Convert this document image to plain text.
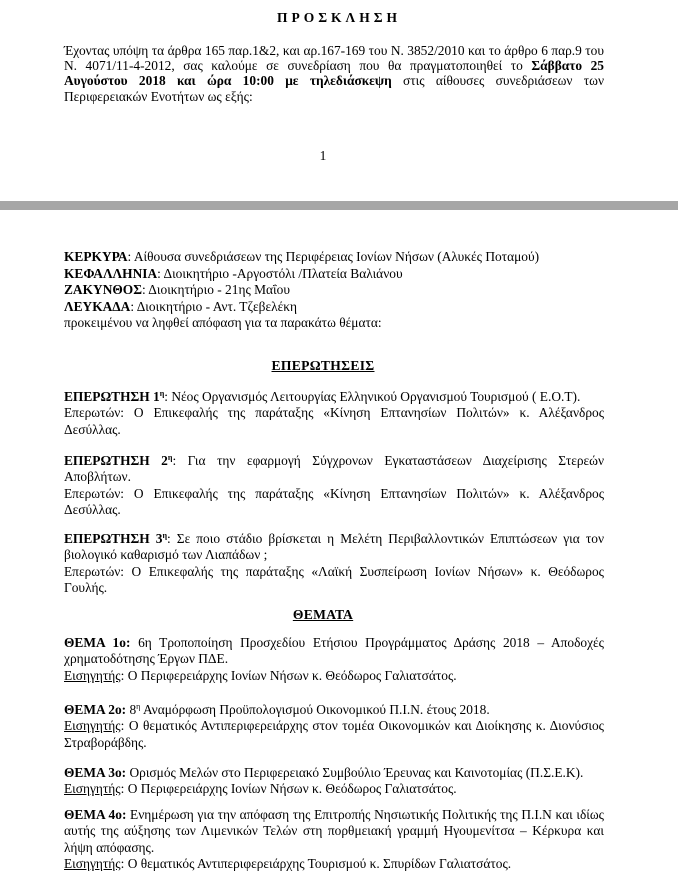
ΠΡΟΣΚΛΗΣΗ
Έχοντας υπόψη τα άρθρα 165 παρ.1&2, και αρ.167-169 του Ν. 3852/2010 και το άρθρο 6 παρ.9 του Ν. 4071/11-4-2012, σας καλούμε σε συνεδρίαση που θα πραγματοποιηθεί το Σάββατο 25 Αυγούστου 2018 και ώρα 10:00 με τηλεδιάσκεψη στις αίθουσες συνεδριάσεων των Περιφερειακών Ενοτήτων ως εξής:
1
ΚΕΡΚΥΡΑ: Αίθουσα συνεδριάσεων της Περιφέρειας Ιονίων Νήσων (Αλυκές Ποταμού)
ΚΕΦΑΛΛΗΝΙΑ: Διοικητήριο -Αργοστόλι /Πλατεία Βαλιάνου
ΖΑΚΥΝΘΟΣ: Διοικητήριο - 21ης Μαΐου
ΛΕΥΚΑΔΑ: Διοικητήριο - Αντ. Τζεβελέκη
προκειμένου να ληφθεί απόφαση για τα παρακάτω θέματα:
ΕΠΕΡΩΤΗΣΕΙΣ
ΕΠΕΡΩΤΗΣΗ $1^\eta$: Νέος Οργανισμός Λειτουργίας Ελληνικού Οργανισμού Τουρισμού ( Ε.Ο.Τ).
Επερωτών: Ο Επικεφαλής της παράταξης «Κίνηση Επτανησίων Πολιτών» κ. Αλέξανδρος Δεσύλλας.
ΕΠΕΡΩΤΗΣΗ $2^\eta$: Για την εφαρμογή Σύγχρονων Εγκαταστάσεων Διαχείρισης Στερεών Αποβλήτων.
Επερωτών: Ο Επικεφαλής της παράταξης «Κίνηση Επτανησίων Πολιτών» κ. Αλέξανδρος Δεσύλλας.
ΕΠΕΡΩΤΗΣΗ $3^\eta$: Σε ποιο στάδιο βρίσκεται η Μελέτη Περιβαλλοντικών Επιπτώσεων για τον βιολογικό καθαρισμό των Λιαπάδων ;
Επερωτών: Ο Επικεφαλής της παράταξης «Λαϊκή Συσπείρωση Ιονίων Νήσων» κ. Θεόδωρος Γουλής.
ΘΕΜΑΤΑ
ΘΕΜΑ 1ο: 6η Τροποποίηση Προσχεδίου Ετήσιου Προγράμματος Δράσης 2018 – Αποδοχές χρηματοδότησης Έργων ΠΔΕ.
Εισηγητής: Ο Περιφερειάρχης Ιονίων Νήσων κ. Θεόδωρος Γαλιατσάτος.
ΘΕΜΑ 2ο: $8^\eta$ Αναμόρφωση Προϋπολογισμού Οικονομικού Π.Ι.Ν. έτους 2018.
Εισηγητής: Ο θεματικός Αντιπεριφερειάρχης στον τομέα Οικονομικών και Διοίκησης κ. Διονύσιος Στραβοράβδης.
ΘΕΜΑ 3ο: Ορισμός Μελών στο Περιφερειακό Συμβούλιο Έρευνας και Καινοτομίας (Π.Σ.Ε.Κ).
Εισηγητής: Ο Περιφερειάρχης Ιονίων Νήσων κ. Θεόδωρος Γαλιατσάτος.
ΘΕΜΑ 4ο: Ενημέρωση για την απόφαση της Επιτροπής Νησιωτικής Πολιτικής της Π.Ι.Ν και ιδίως αυτής της αύξησης των Λιμενικών Τελών στη πορθμειακή γραμμή Ηγουμενίτσα – Κέρκυρα και λήψη απόφασης.
Εισηγητής: Ο θεματικός Αντιπεριφερειάρχης Τουρισμού κ. Σπυρίδων Γαλιατσάτος.
